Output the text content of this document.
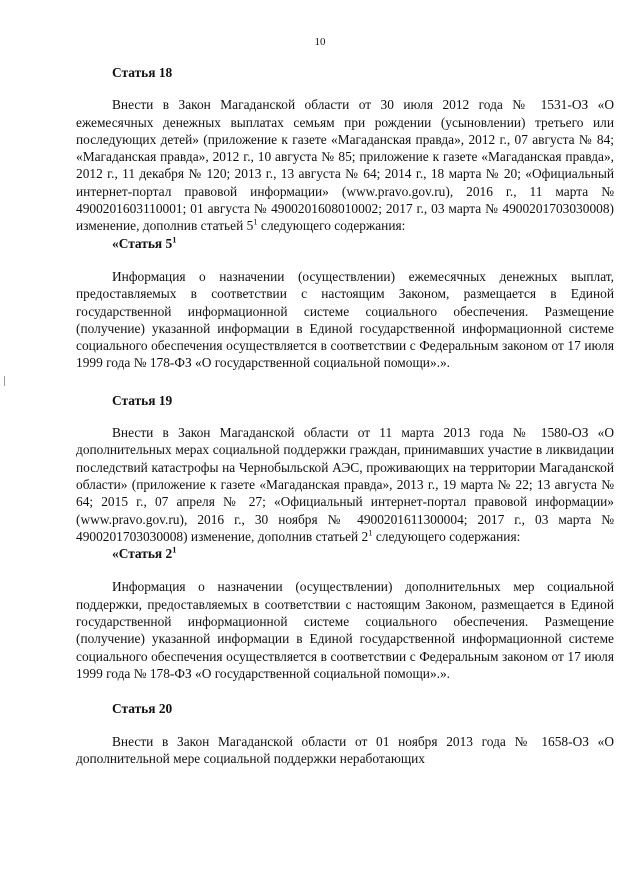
10
Статья 18

Внести в Закон Магаданской области от 30 июля 2012 года № 1531-ОЗ «О ежемесячных денежных выплатах семьям при рождении (усыновлении) третьего или последующих детей» (приложение к газете «Магаданская правда», 2012 г., 07 августа № 84; «Магаданская правда», 2012 г., 10 августа № 85; приложение к газете «Магаданская правда», 2012 г., 11 декабря № 120; 2013 г., 13 августа № 64; 2014 г., 18 марта № 20; «Официальный интернет-портал правовой информации» (www.pravo.gov.ru), 2016 г., 11 марта № 4900201603110001; 01 августа № 4900201608010002; 2017 г., 03 марта № 4900201703030008) изменение, дополнив статьей $5^1$ следующего содержания:

«Статья $5^1$

Информация о назначении (осуществлении) ежемесячных денежных выплат, предоставляемых в соответствии с настоящим Законом, размещается в Единой государственной информационной системе социального обеспечения. Размещение (получение) указанной информации в Единой государственной информационной системе социального обеспечения осуществляется в соответствии с Федеральным законом от 17 июля 1999 года № 178-ФЗ «О государственной социальной помощи».».

Статья 19

Внести в Закон Магаданской области от 11 марта 2013 года № 1580-ОЗ «О дополнительных мерах социальной поддержки граждан, принимавших участие в ликвидации последствий катастрофы на Чернобыльской АЭС, проживающих на территории Магаданской области» (приложение к газете «Магаданская правда», 2013 г., 19 марта № 22; 13 августа № 64; 2015 г., 07 апреля № 27; «Официальный интернет-портал правовой информации» (www.pravo.gov.ru), 2016 г., 30 ноября № 4900201611300004; 2017 г., 03 марта № 4900201703030008) изменение, дополнив статьей $2^1$ следующего содержания:

«Статья $2^1$

Информация о назначении (осуществлении) дополнительных мер социальной поддержки, предоставляемых в соответствии с настоящим Законом, размещается в Единой государственной информационной системе социального обеспечения. Размещение (получение) указанной информации в Единой государственной информационной системе социального обеспечения осуществляется в соответствии с Федеральным законом от 17 июля 1999 года № 178-ФЗ «О государственной социальной помощи».».

Статья 20

Внести в Закон Магаданской области от 01 ноября 2013 года № 1658-ОЗ «О дополнительной мере социальной поддержки неработающих
